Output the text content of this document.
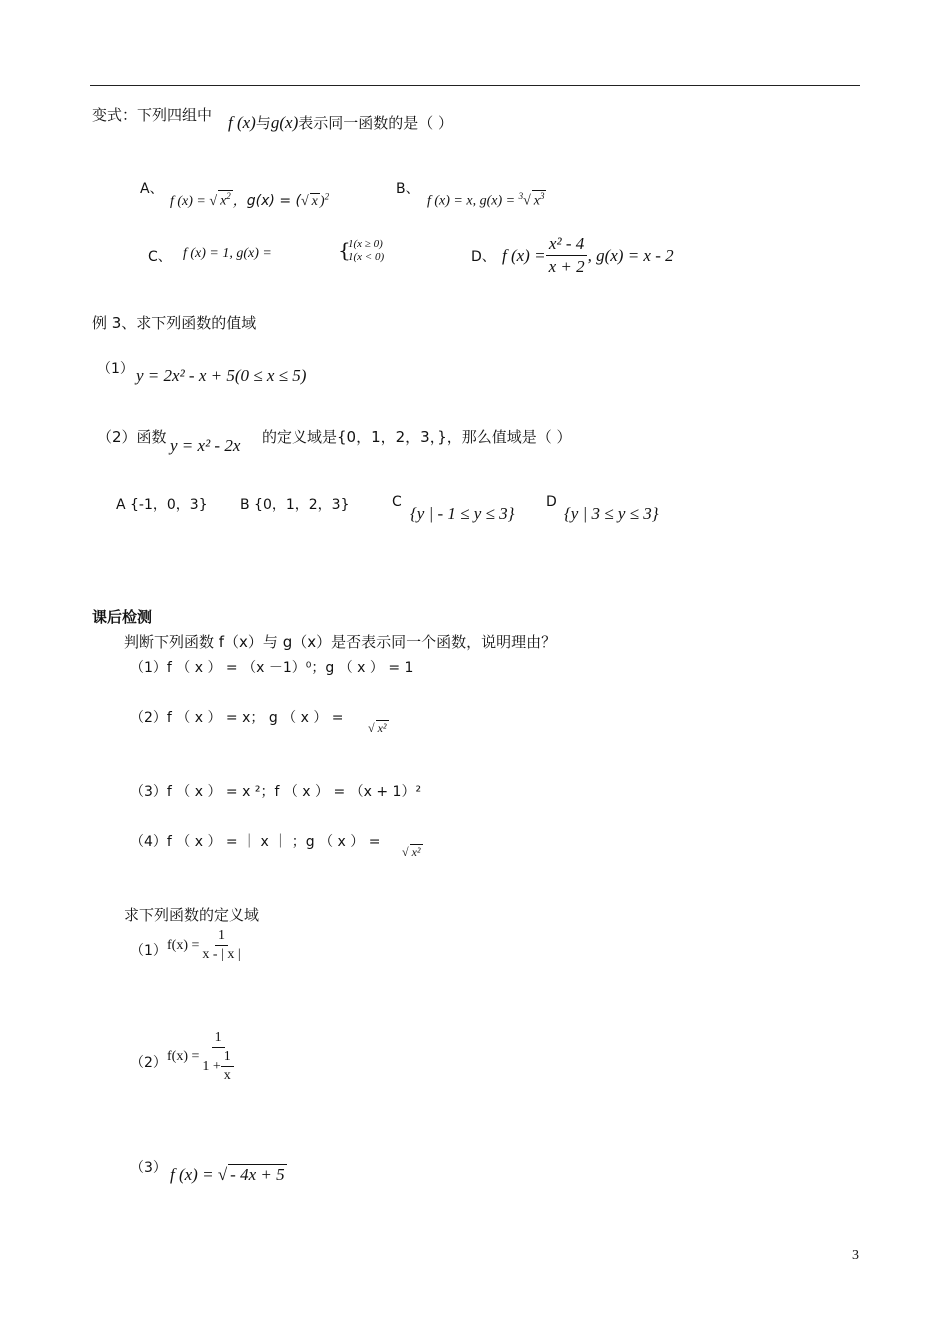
变式：下列四组中 f (x)与g(x)表示同一函数的是（ ）
A、
f (x) = √ $x^2$ ，g(x) = (√ x )$^2$	B、
f (x) = x, g(x) = $^3$√ $x^3$
C、 f (x) = 1, g(x) =	{
1(x ≥ 0)
1(x < 0)	D、 f $(x) = \frac{\text{x² - 4}}{x + 2}$ , g(x) = x - 2
例 3、求下列函数的值域
（1） y = 2x² - x + 5(0 ≤ x ≤ 5)
（2）函数 y = x² - 2x 的定义域是{0，1，2，3，}，那么值域是（ ）
A {-1，0，3} B {0，1，2，3}	C
{y | - 1 ≤ y ≤ 3}
D
{y | 3 ≤ y ≤ 3}
课后检测
判断下列函数 f（x）与 g（x）是否表示同一个函数，说明理由？
（1）f （ x ） = （x －1）⁰；g （ x ） = 1
（2）f （ x ） = x； g （ x ） =
√ x²
（3）f （ x ） = x ²；f （ x ） = （x + 1）²
（4）f （ x ） = ｜ x ｜ ；g （ x ） =
√ x²
求下列函数的定义域
（1） $f(x) = \frac{1}{x - | x |}$
（2） $f(x) = \frac{1}{1 + \frac{1}{x}}$
（3） f (x) = √ - 4x + 5
3
